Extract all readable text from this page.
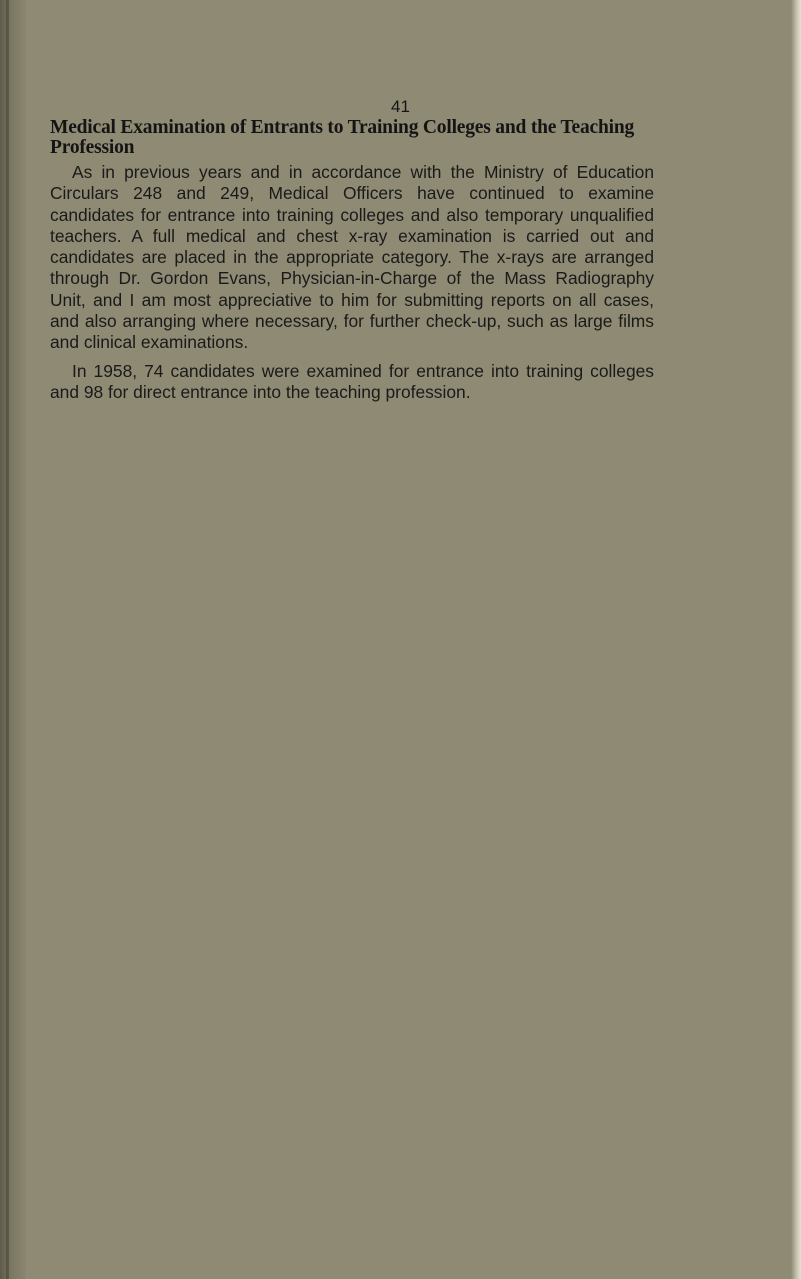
41
Medical Examination of Entrants to Training Colleges and the Teaching Profession

As in previous years and in accordance with the Ministry of Education Circulars 248 and 249, Medical Officers have continued to examine candidates for entrance into training colleges and also temporary unqualified teachers. A full medical and chest x-ray examination is carried out and candidates are placed in the appropriate category. The x-rays are arranged through Dr. Gordon Evans, Physician-in-Charge of the Mass Radiography Unit, and I am most appreciative to him for submitting reports on all cases, and also arranging where necessary, for further check-up, such as large films and clinical examinations.

In 1958, 74 candidates were examined for entrance into training colleges and 98 for direct entrance into the teaching profession.
